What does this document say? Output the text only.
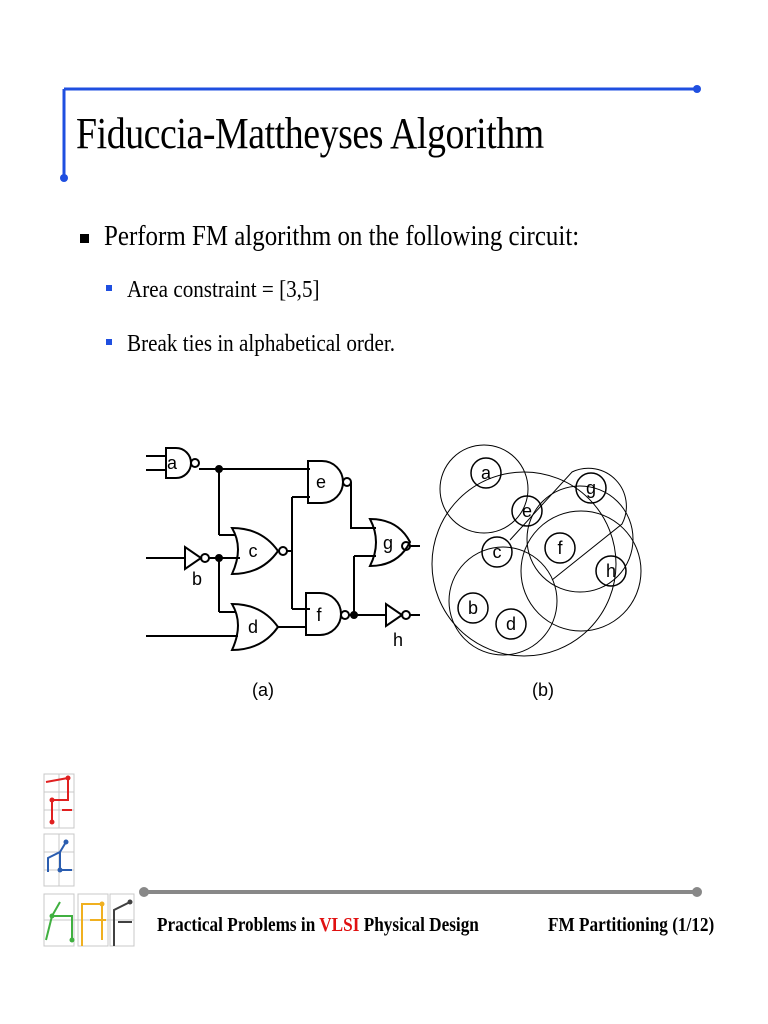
Fiduccia-Mattheyses Algorithm
Perform FM algorithm on the following circuit:
Area constraint = [3,5]
Break ties in alphabetical order.
a
b
c
d
e
f
g
h
a
b
c
d
e
f
g
h
(a)	(b)
Practical Problems in VLSI Physical Design	FM Partitioning (1/12)
